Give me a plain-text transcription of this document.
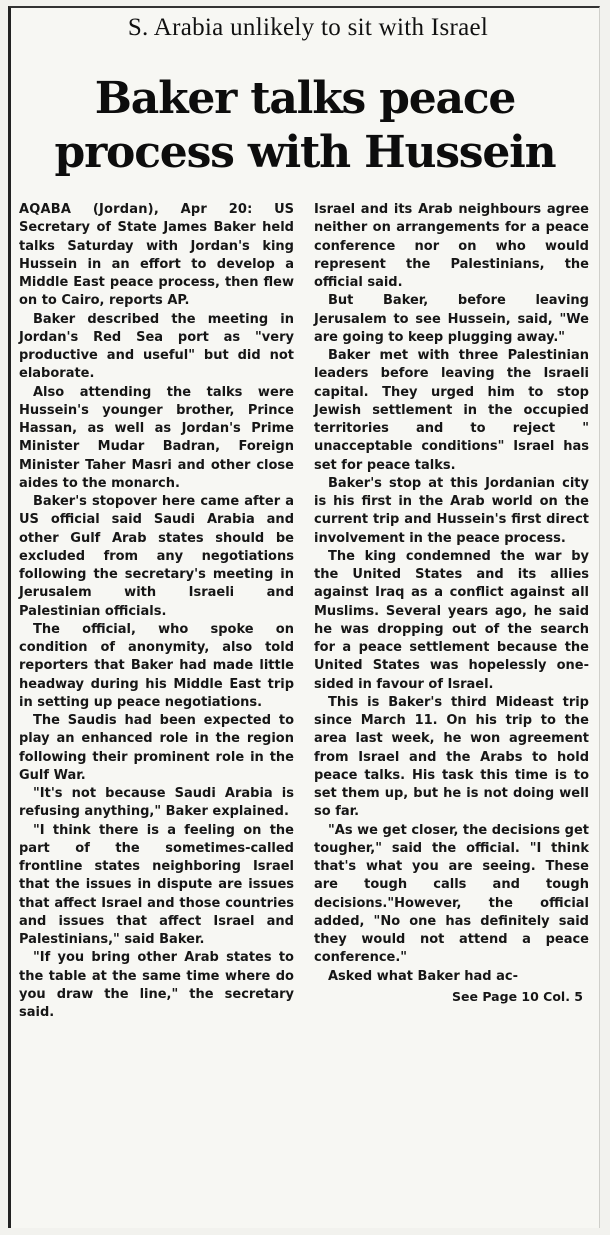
S. Arabia unlikely to sit with Israel
Baker talks peace
process with Hussein

AQABA (Jordan), Apr 20: US Secretary of State James Baker held talks Saturday with Jordan's king Hussein in an effort to develop a Middle East peace process, then flew on to Cairo, reports AP.

Baker described the meeting in Jordan's Red Sea port as "very productive and useful" but did not elaborate.

Also attending the talks were Hussein's younger brother, Prince Hassan, as well as Jordan's Prime Minister Mudar Badran, Foreign Minister Taher Masri and other close aides to the monarch.

Baker's stopover here came after a US official said Saudi Arabia and other Gulf Arab states should be excluded from any negotiations following the secretary's meeting in Jerusalem with Israeli and Palestinian officials.

The official, who spoke on condition of anonymity, also told reporters that Baker had made little headway during his Middle East trip in setting up peace negotiations.

The Saudis had been expected to play an enhanced role in the region following their prominent role in the Gulf War.

"It's not because Saudi Arabia is refusing anything," Baker explained.

"I think there is a feeling on the part of the sometimes-called frontline states neighboring Israel that the issues in dispute are issues that affect Israel and those countries and issues that affect Israel and Palestinians," said Baker.

"If you bring other Arab states to the table at the same time where do you draw the line," the secretary said.

Israel and its Arab neighbours agree neither on arrangements for a peace conference nor on who would represent the Palestinians, the official said.

But Baker, before leaving Jerusalem to see Hussein, said, "We are going to keep plugging away."

Baker met with three Palestinian leaders before leaving the Israeli capital. They urged him to stop Jewish settlement in the occupied territories and to reject " unacceptable conditions" Israel has set for peace talks.

Baker's stop at this Jordanian city is his first in the Arab world on the current trip and Hussein's first direct involvement in the peace process.

The king condemned the war by the United States and its allies against Iraq as a conflict against all Muslims. Several years ago, he said he was dropping out of the search for a peace settlement because the United States was hopelessly one-sided in favour of Israel.

This is Baker's third Mideast trip since March 11. On his trip to the area last week, he won agreement from Israel and the Arabs to hold peace talks. His task this time is to set them up, but he is not doing well so far.

"As we get closer, the decisions get tougher," said the official. "I think that's what you are seeing. These are tough calls and tough decisions."However, the official added, "No one has definitely said they would not attend a peace conference."

Asked what Baker had ac-

See Page 10 Col. 5
